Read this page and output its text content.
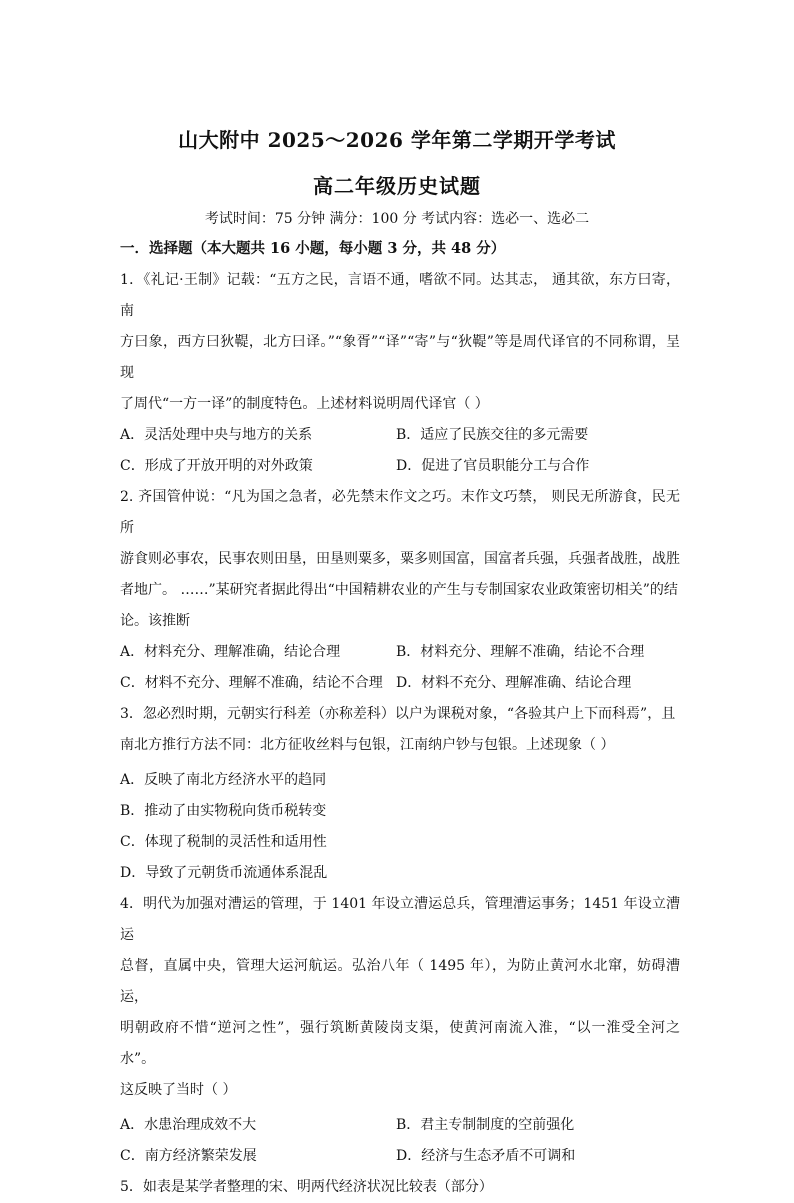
山大附中 2025～2026 学年第二学期开学考试
高二年级历史试题
考试时间：75 分钟 满分：100 分 考试内容：选必一、选必二
一．选择题（本大题共 16 小题，每小题 3 分，共 48 分）

1．《礼记·王制》记载：“五方之民，言语不通，嗜欲不同。达其志， 通其欲，东方曰寄，南

方曰象，西方曰狄鞮，北方曰译。”“象胥”“译”“寄”与“狄鞮”等是周代译官的不同称谓，呈现

了周代“一方一译”的制度特色。上述材料说明周代译官（ ）

A．灵活处理中央与地方的关系	B．适应了民族交往的多元需要
C．形成了开放开明的对外政策	D．促进了官员职能分工与合作

2. 齐国管仲说：“凡为国之急者，必先禁末作文之巧。末作文巧禁， 则民无所游食，民无所

游食则必事农，民事农则田垦，田垦则粟多，粟多则国富，国富者兵强，兵强者战胜，战胜

者地广。 ……”某研究者据此得出“中国精耕农业的产生与专制国家农业政策密切相关”的结

论。该推断

A．材料充分、理解准确，结论合理	B．材料充分、理解不准确，结论不合理
C．材料不充分、理解不准确，结论不合理 D．材料不充分、理解准确、结论合理

3．忽必烈时期，元朝实行科差（亦称差科）以户为课税对象，“各验其户上下而科焉”，且

南北方推行方法不同：北方征收丝料与包银，江南纳户钞与包银。上述现象（ ）

A．反映了南北方经济水平的趋同
B．推动了由实物税向货币税转变
C．体现了税制的灵活性和适用性
D．导致了元朝货币流通体系混乱

4．明代为加强对漕运的管理，于 1401 年设立漕运总兵，管理漕运事务；1451 年设立漕运

总督，直属中央，管理大运河航运。弘治八年（ 1495 年），为防止黄河水北窜，妨碍漕运，

明朝政府不惜“逆河之性”，强行筑断黄陵岗支渠，使黄河南流入淮，“以一淮受全河之水”。

这反映了当时（ ）

A．水患治理成效不大	B．君主专制制度的空前强化
C．南方经济繁荣发展	D．经济与生态矛盾不可调和

5．如表是某学者整理的宋、明两代经济状况比较表（部分）
